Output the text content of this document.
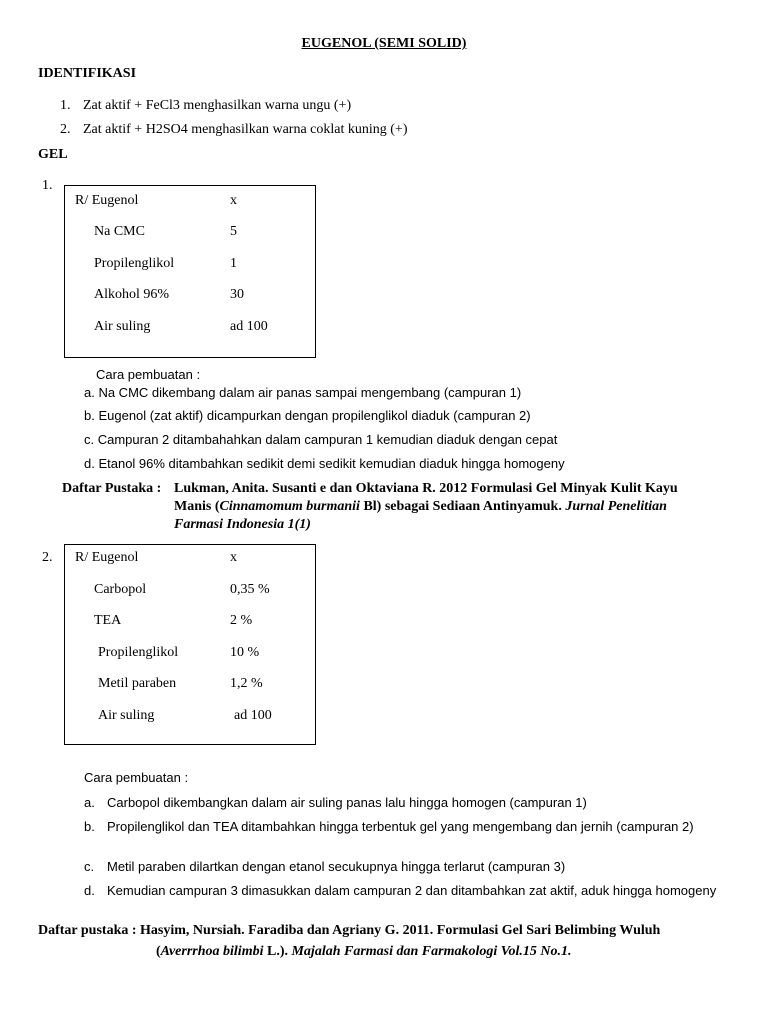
EUGENOL (SEMI SOLID)
IDENTIFIKASI
1. Zat aktif + FeCl3 menghasilkan warna ungu (+)
2. Zat aktif + H2SO4 menghasilkan warna coklat kuning (+)
GEL
1.
R/ Eugenol	x
Na CMC	5
Propilenglikol	1
Alkohol 96%	30
Air suling	ad 100
Cara pembuatan :
a. Na CMC dikembang dalam air panas sampai mengembang (campuran 1)
b. Eugenol (zat aktif) dicampurkan dengan propilenglikol diaduk (campuran 2)
c. Campuran 2 ditambahahkan dalam campuran 1 kemudian diaduk dengan cepat
d. Etanol 96% ditambahkan sedikit demi sedikit kemudian diaduk hingga homogeny
Daftar Pustaka : Lukman, Anita. Susanti e dan Oktaviana R. 2012 Formulasi Gel Minyak Kulit Kayu
Manis (Cinnamomum burmanii Bl) sebagai Sediaan Antinyamuk. Jurnal Penelitian
Farmasi Indonesia 1(1)
2. R/ Eugenol	x
Carbopol	0,35 %
TEA	2 %
Propilenglikol	10 %
Metil paraben	1,2 %
Air suling	ad 100
Cara pembuatan :
a. Carbopol dikembangkan dalam air suling panas lalu hingga homogen (campuran 1)
b. Propilenglikol dan TEA ditambahkan hingga terbentuk gel yang mengembang dan jernih (campuran 2)
c. Metil paraben dilartkan dengan etanol secukupnya hingga terlarut (campuran 3)
d. Kemudian campuran 3 dimasukkan dalam campuran 2 dan ditambahkan zat aktif, aduk hingga homogeny
Daftar pustaka : Hasyim, Nursiah. Faradiba dan Agriany G. 2011. Formulasi Gel Sari Belimbing Wuluh
(Averrrhoa bilimbi L.). Majalah Farmasi dan Farmakologi Vol.15 No.1.
